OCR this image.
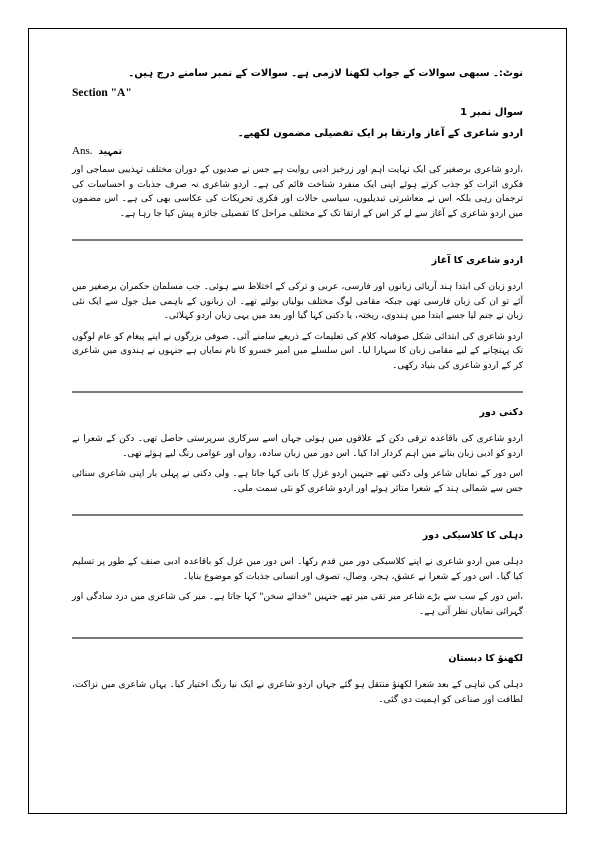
نوٹ:۔ سبھی سوالات کے جواب لکھنا لازمی ہے۔ سوالات کے نمبر سامنے درج ہیں۔

Section "A"

سوال نمبر 1

اردو شاعری کے آغاز وارتقا پر ایک تفصیلی مضمون لکھیے۔

Ans. تمہید

،اردو شاعری برصغیر کی ایک نہایت اہم اور زرخیز ادبی روایت ہے جس نے صدیوں کے دوران مختلف تہذیبی سماجی اور فکری اثرات کو جذب کرتے ہوئے اپنی ایک منفرد شناخت قائم کی ہے۔ اردو شاعری نہ صرف جذبات و احساسات کی ترجمان رہی بلکہ اس نے معاشرتی تبدیلیوں، سیاسی حالات اور فکری تحریکات کی عکاسی بھی کی ہے۔ اس مضمون میں اردو شاعری کے آغاز سے لے کر اس کے ارتقا تک کے مختلف مراحل کا تفصیلی جائزہ پیش کیا جا رہا ہے۔

اردو شاعری کا آغاز

اردو زبان کی ابتدا ہند آریائی زبانوں اور فارسی، عربی و ترکی کے اختلاط سے ہوئی۔ جب مسلمان حکمران برصغیر میں آئے تو ان کی زبان فارسی تھی جبکہ مقامی لوگ مختلف بولیاں بولتے تھے۔ ان زبانوں کے باہمی میل جول سے ایک نئی زبان نے جنم لیا جسے ابتدا میں ہندوی، ریختہ، یا دکنی کہا گیا اور بعد میں یہی زبان اردو کہلائی۔

اردو شاعری کی ابتدائی شکل صوفیانہ کلام کی تعلیمات کے ذریعے سامنے آئی۔ صوفی بزرگوں نے اپنے پیغام کو عام لوگوں تک پہنچانے کے لیے مقامی زبان کا سہارا لیا۔ اس سلسلے میں امیر خسرو کا نام نمایاں ہے جنہوں نے ہندوی میں شاعری کر کے اردو شاعری کی بنیاد رکھی۔

دکنی دور

اردو شاعری کی باقاعدہ ترقی دکن کے علاقوں میں ہوئی جہاں اسے سرکاری سرپرستی حاصل تھی۔ دکن کے شعرا نے اردو کو ادبی زبان بنانے میں اہم کردار ادا کیا۔ اس دور میں زبان سادہ، رواں اور عوامی رنگ لیے ہوئے تھی۔

اس دور کے نمایاں شاعر ولی دکنی تھے جنہیں اردو غزل کا بانی کہا جاتا ہے۔ ولی دکنی نے پہلی بار اپنی شاعری سنائی جس سے شمالی ہند کے شعرا متاثر ہوئے اور اردو شاعری کو نئی سمت ملی۔

دہلی کا کلاسیکی دور

دہلی میں اردو شاعری نے اپنے کلاسیکی دور میں قدم رکھا۔ اس دور میں غزل کو باقاعدہ ادبی صنف کے طور پر تسلیم کیا گیا۔ اس دور کے شعرا نے عشق، ہجر، وصال، تصوف اور انسانی جذبات کو موضوع بنایا۔

،اس دور کے سب سے بڑے شاعر میر تقی میر تھے جنہیں "خدائے سخن" کہا جاتا ہے۔ میر کی شاعری میں درد سادگی اور گہرائی نمایاں نظر آتی ہے۔

لکھنؤ کا دبستان

دہلی کی تباہی کے بعد شعرا لکھنؤ منتقل ہو گئے جہاں اردو شاعری نے ایک نیا رنگ اختیار کیا۔ یہاں شاعری میں نزاکت، لطافت اور صناعی کو اہمیت دی گئی۔
